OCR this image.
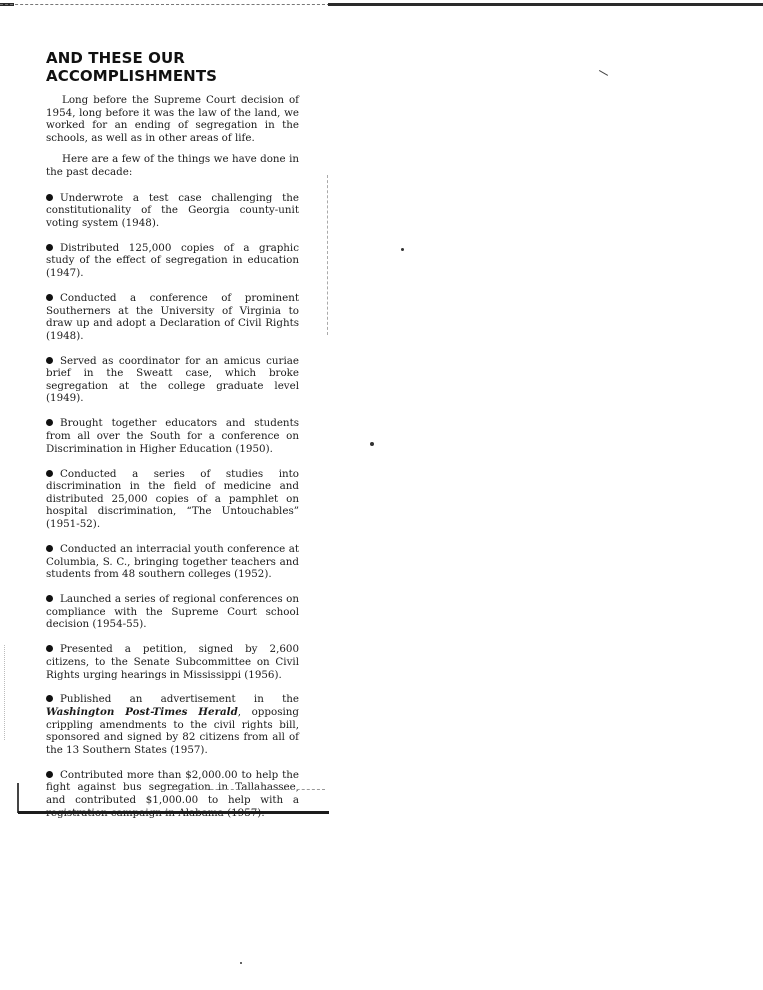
AND THESE OUR
ACCOMPLISHMENTS

Long before the Supreme Court decision of 1954, long before it was the law of the land, we worked for an ending of segregation in the schools, as well as in other areas of life.

Here are a few of the things we have done in the past decade:

Underwrote a test case challenging the constitutionality of the Georgia county-unit voting system (1948).

Distributed 125,000 copies of a graphic study of the effect of segregation in education (1947).

Conducted a conference of prominent Southerners at the University of Virginia to draw up and adopt a Declaration of Civil Rights (1948).

Served as coordinator for an amicus curiae brief in the Sweatt case, which broke segregation at the college graduate level (1949).

Brought together educators and students from all over the South for a conference on Discrimination in Higher Education (1950).

Conducted a series of studies into discrimination in the field of medicine and distributed 25,000 copies of a pamphlet on hospital discrimination, “The Untouchables” (1951-52).

Conducted an interracial youth conference at Columbia, S. C., bringing together teachers and students from 48 southern colleges (1952).

Launched a series of regional conferences on compliance with the Supreme Court school decision (1954-55).

Presented a petition, signed by 2,600 citizens, to the Senate Subcommittee on Civil Rights urging hearings in Mississippi (1956).

Published an advertisement in the Washington Post-Times Herald, opposing crippling amendments to the civil rights bill, sponsored and signed by 82 citizens from all of the 13 Southern States (1957).

Contributed more than $2,000.00 to help the fight against bus segregation in Tallahassee, and contributed $1,000.00 to help with a
